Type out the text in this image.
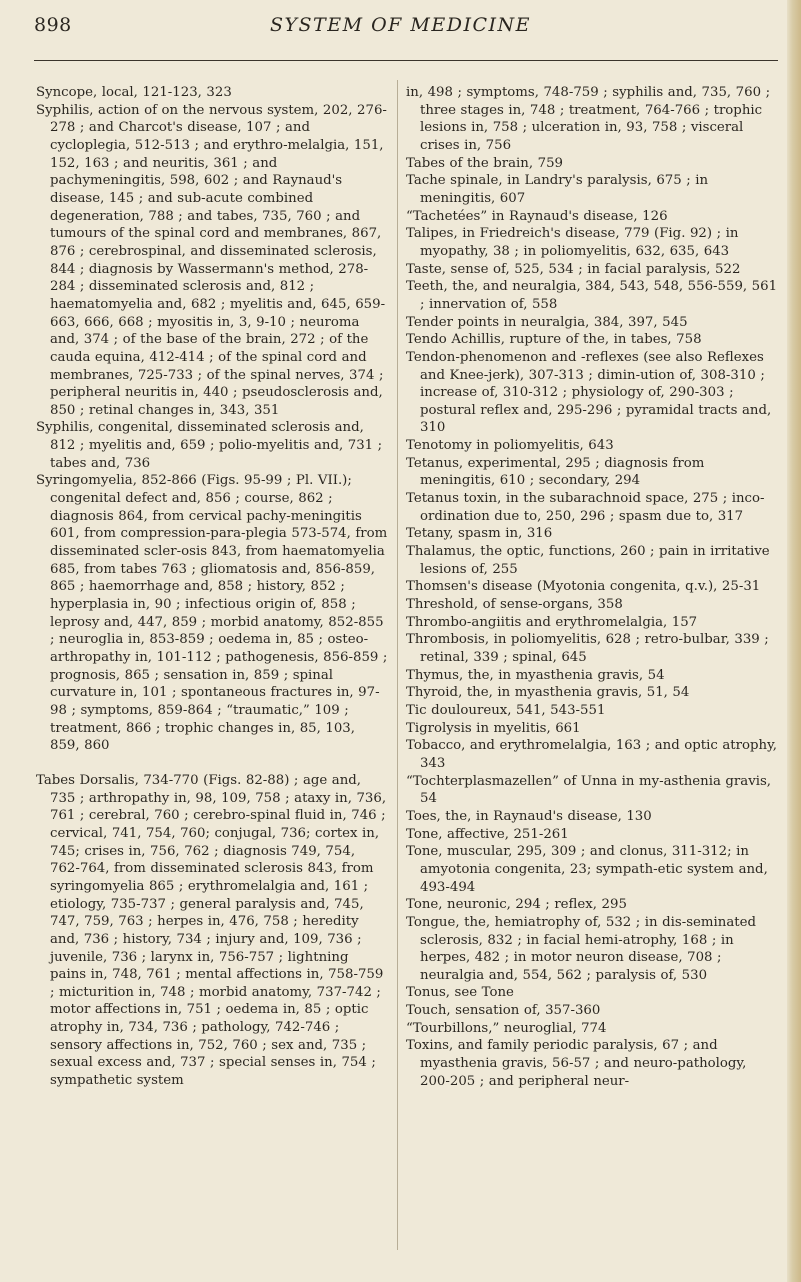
898	SYSTEM OF MEDICINE

Syncope, local, 121-123, 323

Syphilis, action of on the nervous system, 202, 276-278 ; and Charcot's disease, 107 ; and cycloplegia, 512-513 ; and erythro-melalgia, 151, 152, 163 ; and neuritis, 361 ; and pachymeningitis, 598, 602 ; and Raynaud's disease, 145 ; and sub-acute combined degeneration, 788 ; and tabes, 735, 760 ; and tumours of the spinal cord and membranes, 867, 876 ; cerebrospinal, and disseminated sclerosis, 844 ; diagnosis by Wassermann's method, 278-284 ; disseminated sclerosis and, 812 ; haematomyelia and, 682 ; myelitis and, 645, 659-663, 666, 668 ; myositis in, 3, 9-10 ; neuroma and, 374 ; of the base of the brain, 272 ; of the cauda equina, 412-414 ; of the spinal cord and membranes, 725-733 ; of the spinal nerves, 374 ; peripheral neuritis in, 440 ; pseudosclerosis and, 850 ; retinal changes in, 343, 351

Syphilis, congenital, disseminated sclerosis and, 812 ; myelitis and, 659 ; polio-myelitis and, 731 ; tabes and, 736

Syringomyelia, 852-866 (Figs. 95-99 ; Pl. VII.); congenital defect and, 856 ; course, 862 ; diagnosis 864, from cervical pachy-meningitis 601, from compression-para-plegia 573-574, from disseminated scler-osis 843, from haematomyelia 685, from tabes 763 ; gliomatosis and, 856-859, 865 ; haemorrhage and, 858 ; history, 852 ; hyperplasia in, 90 ; infectious origin of, 858 ; leprosy and, 447, 859 ; morbid anatomy, 852-855 ; neuroglia in, 853-859 ; oedema in, 85 ; osteo-arthropathy in, 101-112 ; pathogenesis, 856-859 ; prognosis, 865 ; sensation in, 859 ; spinal curvature in, 101 ; spontaneous fractures in, 97-98 ; symptoms, 859-864 ; “traumatic,” 109 ; treatment, 866 ; trophic changes in, 85, 103, 859, 860

Tabes Dorsalis, 734-770 (Figs. 82-88) ; age and, 735 ; arthropathy in, 98, 109, 758 ; ataxy in, 736, 761 ; cerebral, 760 ; cerebro-spinal fluid in, 746 ; cervical, 741, 754, 760; conjugal, 736; cortex in, 745; crises in, 756, 762 ; diagnosis 749, 754, 762-764, from disseminated sclerosis 843, from syringomyelia 865 ; erythromelalgia and, 161 ; etiology, 735-737 ; general paralysis and, 745, 747, 759, 763 ; herpes in, 476, 758 ; heredity and, 736 ; history, 734 ; injury and, 109, 736 ; juvenile, 736 ; larynx in, 756-757 ; lightning pains in, 748, 761 ; mental affections in, 758-759 ; micturition in, 748 ; morbid anatomy, 737-742 ; motor affections in, 751 ; oedema in, 85 ; optic atrophy in, 734, 736 ; pathology, 742-746 ; sensory affections in, 752, 760 ; sex and, 735 ; sexual excess and, 737 ; special senses in, 754 ; sympathetic system

in, 498 ; symptoms, 748-759 ; syphilis and, 735, 760 ; three stages in, 748 ; treatment, 764-766 ; trophic lesions in, 758 ; ulceration in, 93, 758 ; visceral crises in, 756

Tabes of the brain, 759

Tache spinale, in Landry's paralysis, 675 ; in meningitis, 607

“Tachetées” in Raynaud's disease, 126

Talipes, in Friedreich's disease, 779 (Fig. 92) ; in myopathy, 38 ; in poliomyelitis, 632, 635, 643

Taste, sense of, 525, 534 ; in facial paralysis, 522

Teeth, the, and neuralgia, 384, 543, 548, 556-559, 561 ; innervation of, 558

Tender points in neuralgia, 384, 397, 545

Tendo Achillis, rupture of the, in tabes, 758

Tendon-phenomenon and -reflexes (see also Reflexes and Knee-jerk), 307-313 ; dimin-ution of, 308-310 ; increase of, 310-312 ; physiology of, 290-303 ; postural reflex and, 295-296 ; pyramidal tracts and, 310

Tenotomy in poliomyelitis, 643

Tetanus, experimental, 295 ; diagnosis from meningitis, 610 ; secondary, 294

Tetanus toxin, in the subarachnoid space, 275 ; inco-ordination due to, 250, 296 ; spasm due to, 317

Tetany, spasm in, 316

Thalamus, the optic, functions, 260 ; pain in irritative lesions of, 255

Thomsen's disease (Myotonia congenita, q.v.), 25-31

Threshold, of sense-organs, 358

Thrombo-angiitis and erythromelalgia, 157

Thrombosis, in poliomyelitis, 628 ; retro-bulbar, 339 ; retinal, 339 ; spinal, 645

Thymus, the, in myasthenia gravis, 54

Thyroid, the, in myasthenia gravis, 51, 54

Tic douloureux, 541, 543-551

Tigrolysis in myelitis, 661

Tobacco, and erythromelalgia, 163 ; and optic atrophy, 343

“Tochterplasmazellen” of Unna in my-asthenia gravis, 54

Toes, the, in Raynaud's disease, 130

Tone, affective, 251-261

Tone, muscular, 295, 309 ; and clonus, 311-312; in amyotonia congenita, 23; sympath-etic system and, 493-494

Tone, neuronic, 294 ; reflex, 295

Tongue, the, hemiatrophy of, 532 ; in dis-seminated sclerosis, 832 ; in facial hemi-atrophy, 168 ; in herpes, 482 ; in motor neuron disease, 708 ; neuralgia and, 554, 562 ; paralysis of, 530

Tonus, see Tone

Touch, sensation of, 357-360

“Tourbillons,” neuroglial, 774

Toxins, and family periodic paralysis, 67 ; and myasthenia gravis, 56-57 ; and neuro-pathology, 200-205 ; and peripheral neur-
